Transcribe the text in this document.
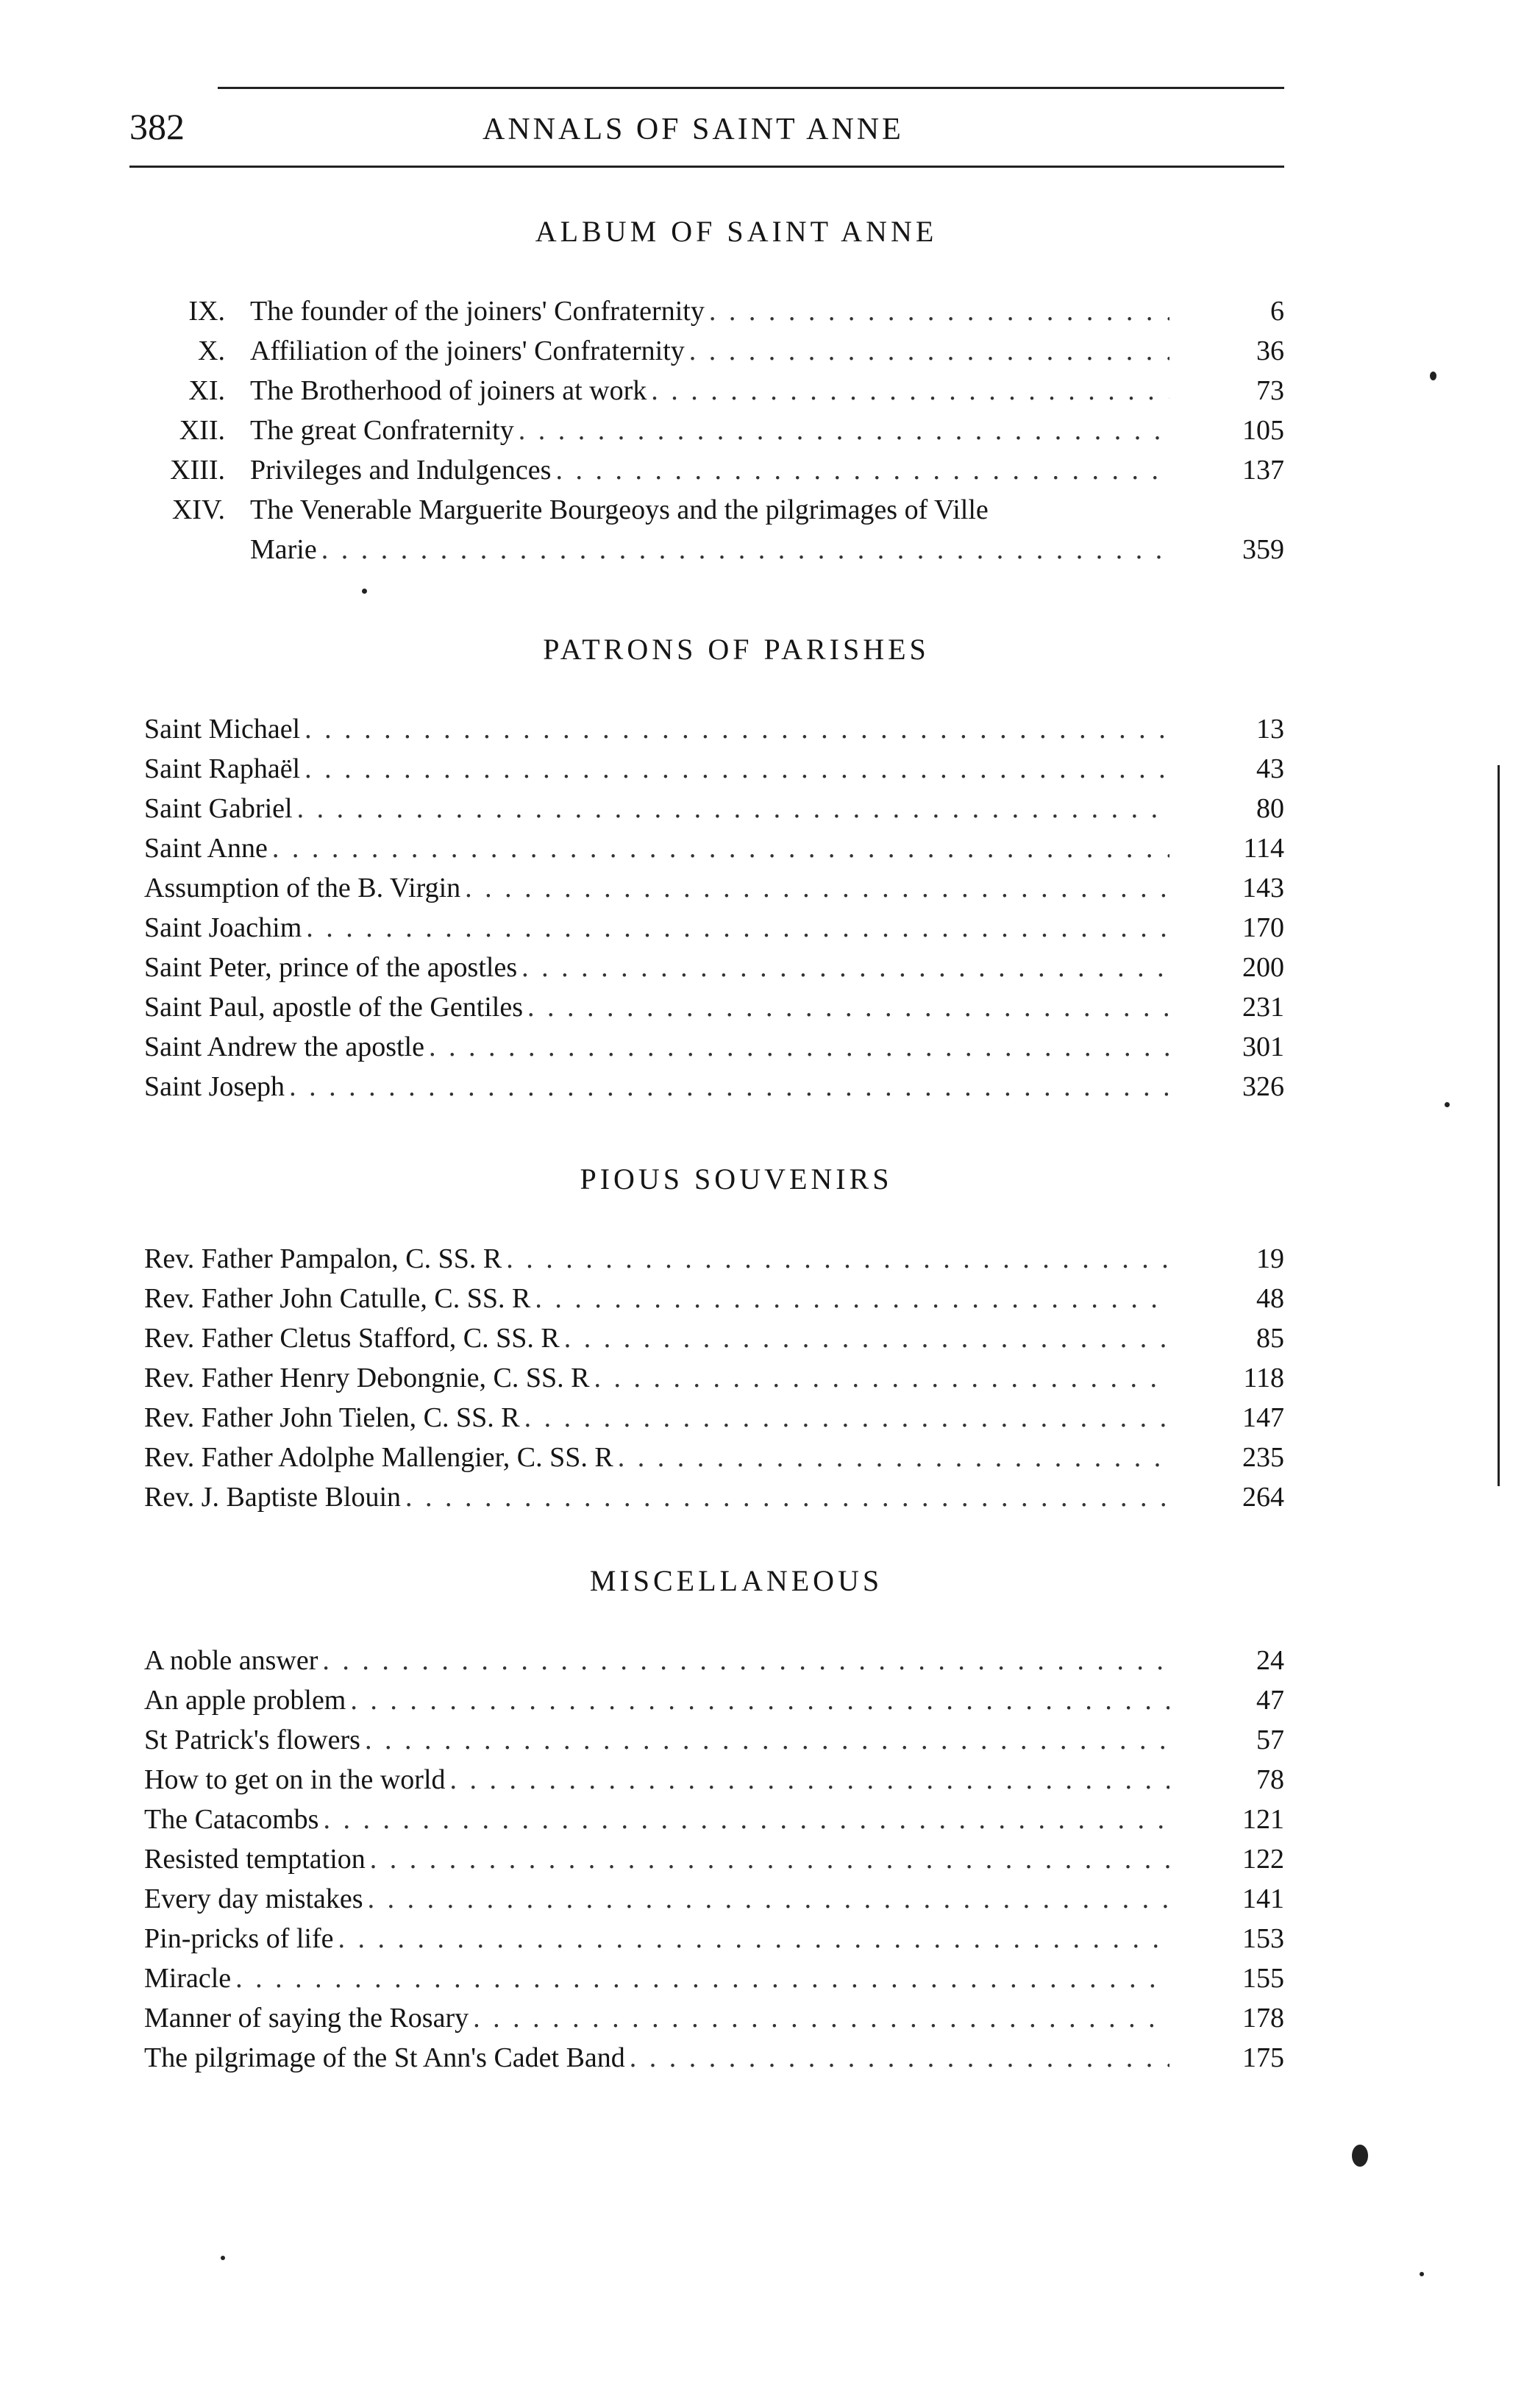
382	ANNALS OF SAINT ANNE
ALBUM OF SAINT ANNE
IX. The founder of the joiners' Confraternity . . .	6
X. Affiliation of the joiners' Confraternity . . .	36
XI. The Brotherhood of joiners at work . . .	73
XII. The great Confraternity . . .	105
XIII. Privileges and Indulgences . . .	137
XIV. The Venerable Marguerite Bourgeoys and the pilgrimages of Ville
Marie . . .	359
PATRONS OF PARISHES
Saint Michael . . .	13
Saint Raphaël . . .	43
Saint Gabriel . . .	80
Saint Anne . . .	114
Assumption of the B. Virgin . . .	143
Saint Joachim . . .	170
Saint Peter, prince of the apostles . . .	200
Saint Paul, apostle of the Gentiles . . .	231
Saint Andrew the apostle . . .	301
Saint Joseph . . .	326
PIOUS SOUVENIRS
Rev. Father Pampalon, C. SS. R . . .	19
Rev. Father John Catulle, C. SS. R . . .	48
Rev. Father Cletus Stafford, C. SS. R . . .	85
Rev. Father Henry Debongnie, C. SS. R . . .	118
Rev. Father John Tielen, C. SS. R . . .	147
Rev. Father Adolphe Mallengier, C. SS. R . . .	235
Rev. J. Baptiste Blouin . . .	264
MISCELLANEOUS
A noble answer . . .	24
An apple problem . . .	47
St Patrick's flowers . . .	57
How to get on in the world . . .	78
The Catacombs . . .	121
Resisted temptation . . .	122
Every day mistakes . . .	141
Pin-pricks of life . . .	153
Miracle . . .	155
Manner of saying the Rosary . . .	178
The pilgrimage of the St Ann's Cadet Band . . .	175
